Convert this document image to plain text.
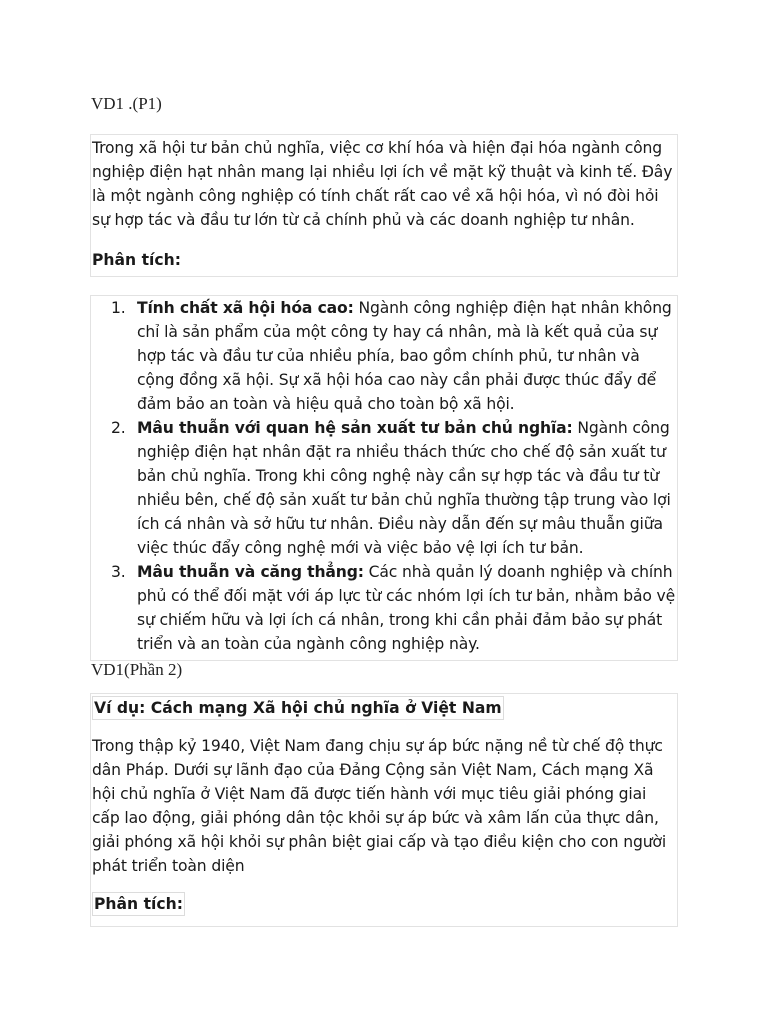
VD1 .(P1)

Trong xã hội tư bản chủ nghĩa, việc cơ khí hóa và hiện đại hóa ngành công nghiệp điện hạt nhân mang lại nhiều lợi ích về mặt kỹ thuật và kinh tế. Đây là một ngành công nghiệp có tính chất rất cao về xã hội hóa, vì nó đòi hỏi sự hợp tác và đầu tư lớn từ cả chính phủ và các doanh nghiệp tư nhân.

Phân tích:
1. Tính chất xã hội hóa cao: Ngành công nghiệp điện hạt nhân không chỉ là sản phẩm của một công ty hay cá nhân, mà là kết quả của sự hợp tác và đầu tư của nhiều phía, bao gồm chính phủ, tư nhân và cộng đồng xã hội. Sự xã hội hóa cao này cần phải được thúc đẩy để đảm bảo an toàn và hiệu quả cho toàn bộ xã hội.
2. Mâu thuẫn với quan hệ sản xuất tư bản chủ nghĩa: Ngành công nghiệp điện hạt nhân đặt ra nhiều thách thức cho chế độ sản xuất tư bản chủ nghĩa. Trong khi công nghệ này cần sự hợp tác và đầu tư từ nhiều bên, chế độ sản xuất tư bản chủ nghĩa thường tập trung vào lợi ích cá nhân và sở hữu tư nhân. Điều này dẫn đến sự mâu thuẫn giữa việc thúc đẩy công nghệ mới và việc bảo vệ lợi ích tư bản.
3. Mâu thuẫn và căng thẳng: Các nhà quản lý doanh nghiệp và chính phủ có thể đối mặt với áp lực từ các nhóm lợi ích tư bản, nhằm bảo vệ sự chiếm hữu và lợi ích cá nhân, trong khi cần phải đảm bảo sự phát triển và an toàn của ngành công nghiệp này.
VD1(Phần 2)
Ví dụ: Cách mạng Xã hội chủ nghĩa ở Việt Nam

Trong thập kỷ 1940, Việt Nam đang chịu sự áp bức nặng nề từ chế độ thực dân Pháp. Dưới sự lãnh đạo của Đảng Cộng sản Việt Nam, Cách mạng Xã hội chủ nghĩa ở Việt Nam đã được tiến hành với mục tiêu giải phóng giai cấp lao động, giải phóng dân tộc khỏi sự áp bức và xâm lấn của thực dân, giải phóng xã hội khỏi sự phân biệt giai cấp và tạo điều kiện cho con người phát triển toàn diện

Phân tích:
